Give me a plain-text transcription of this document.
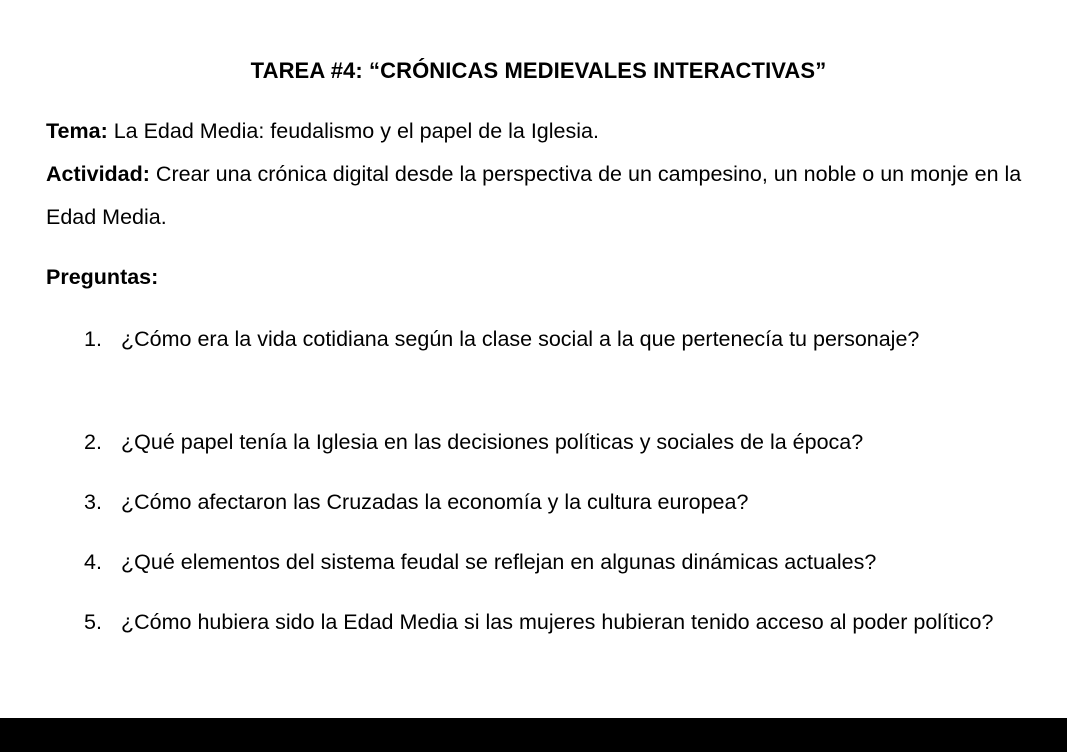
TAREA #4: “CRÓNICAS MEDIEVALES INTERACTIVAS”

Tema: La Edad Media: feudalismo y el papel de la Iglesia.

Actividad: Crear una crónica digital desde la perspectiva de un campesino, un noble o un monje en la Edad Media.

Preguntas:

1. ¿Cómo era la vida cotidiana según la clase social a la que pertenecía tu personaje?

2. ¿Qué papel tenía la Iglesia en las decisiones políticas y sociales de la época?

3. ¿Cómo afectaron las Cruzadas la economía y la cultura europea?

4. ¿Qué elementos del sistema feudal se reflejan en algunas dinámicas actuales?

5. ¿Cómo hubiera sido la Edad Media si las mujeres hubieran tenido acceso al poder político?
